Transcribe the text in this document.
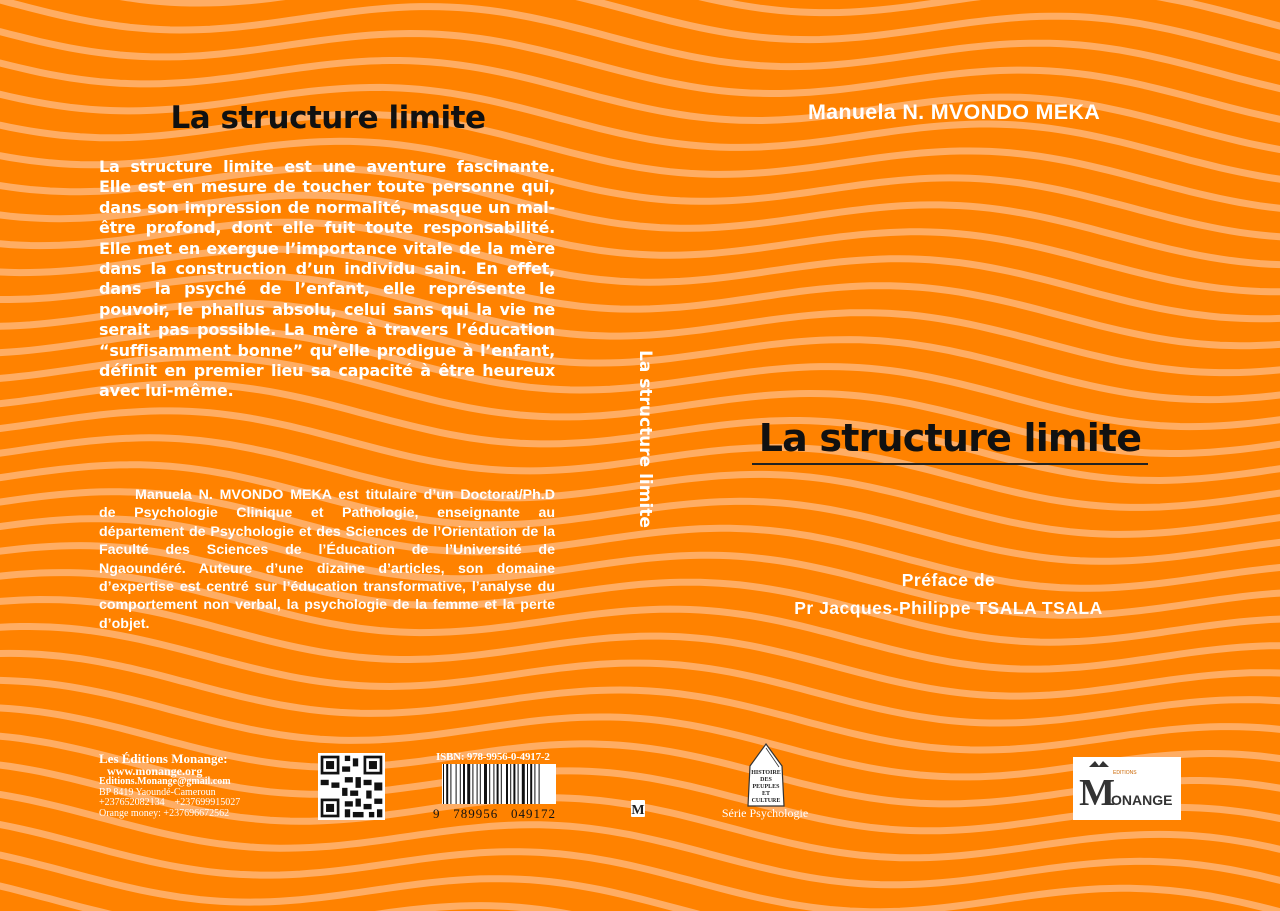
La structure limite
La structure limite est une aventure fascinante. Elle est en mesure de toucher toute personne qui, dans son impression de normalité, masque un mal-être profond, dont elle fuit toute responsabilité. Elle met en exergue l’importance vitale de la mère dans la construction d’un individu sain. En effet, dans la psyché de l’enfant, elle représente le pouvoir, le phallus absolu, celui sans qui la vie ne serait pas possible. La mère à travers l’éducation “suffisamment bonne” qu’elle prodigue à l’enfant, définit en premier lieu sa capacité à être heureux avec lui-même.
Manuela N. MVONDO MEKA est titulaire d’un Doctorat/Ph.D de Psychologie Clinique et Pathologie, enseignante au département de Psychologie et des Sciences de l’Orientation de la Faculté des Sciences de l’Éducation de l’Université de Ngaoundéré. Auteure d’une dizaine d’articles, son domaine d’expertise est centré sur l’éducation transformative, l’analyse du comportement non verbal, la psychologie de la femme et la perte d’objet.
Les Éditions Monange:
www.monange.org
Editions.Monange@gmail.com
BP 8419 Yaoundé-Cameroun
+237652082134 +237699915027
Orange money: +237696672562
ISBN: 978-9956-0-4917-2
9   789956   049172
La structure limite
M
Manuela N. MVONDO MEKA
La structure limite
Préface de
Pr Jacques-Philippe TSALA TSALA
HISTOIRE
DES
PEUPLES
ET
CULTURE
Série Psychologie
EDITIONS
M
ONANGE
